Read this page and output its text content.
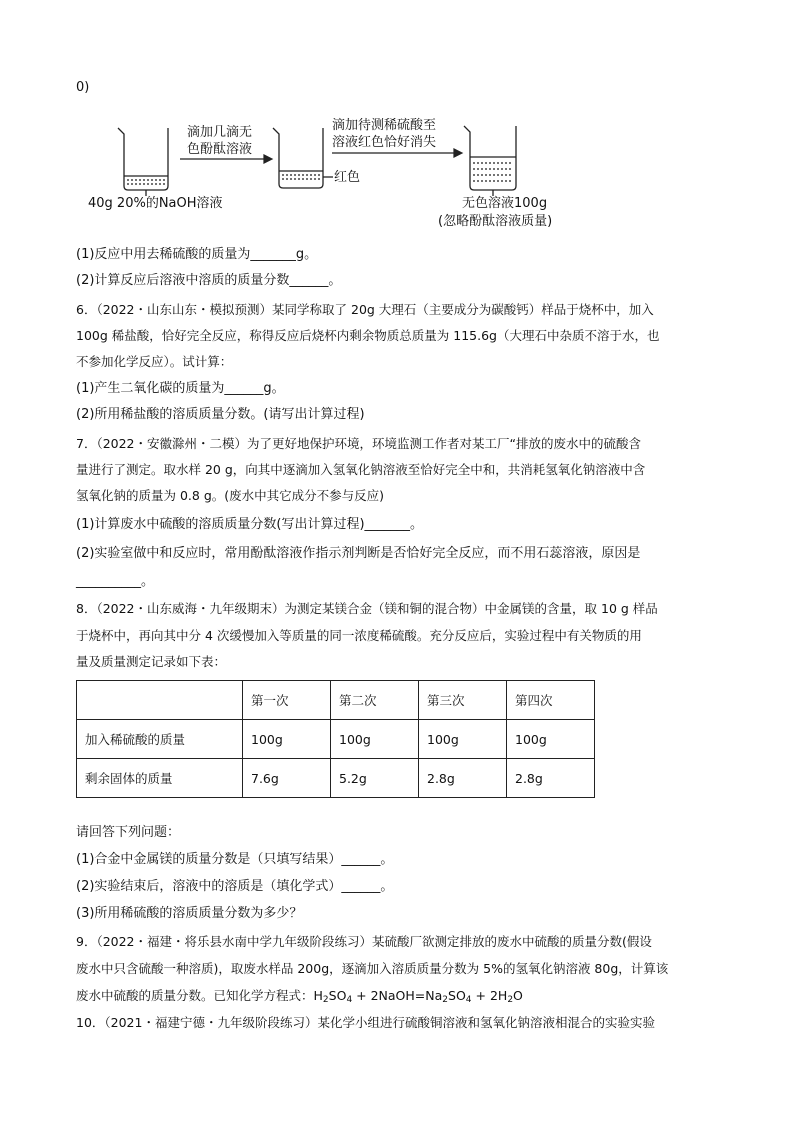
0)
滴加几滴无
色酚酞溶液
滴加待测稀硫酸至
溶液红色恰好消失
40g 20%的NaOH溶液
红色
无色溶液100g
(忽略酚酞溶液质量)
(1)反应中用去稀硫酸的质量为_______g。
(2)计算反应后溶液中溶质的质量分数______。
6．（2022・山东山东・模拟预测）某同学称取了 20g 大理石（主要成分为碳酸钙）样品于烧杯中，加入
100g 稀盐酸，恰好完全反应，称得反应后烧杯内剩余物质总质量为 115.6g（大理石中杂质不溶于水，也
不参加化学反应）。试计算：
(1)产生二氧化碳的质量为______g。
(2)所用稀盐酸的溶质质量分数。(请写出计算过程)
7．（2022・安徽滁州・二模）为了更好地保护环境，环境监测工作者对某工厂“排放的废水中的硫酸含
量进行了测定。取水样 20 g，向其中逐滴加入氢氧化钠溶液至恰好完全中和，共消耗氢氧化钠溶液中含
氢氧化钠的质量为 0.8 g。(废水中其它成分不参与反应)
(1)计算废水中硫酸的溶质质量分数(写出计算过程)_______。
(2)实验室做中和反应时，常用酚酞溶液作指示剂判断是否恰好完全反应，而不用石蕊溶液，原因是
__________。
8．（2022・山东威海・九年级期末）为测定某镁合金（镁和铜的混合物）中金属镁的含量，取 10 g 样品
于烧杯中，再向其中分 4 次缓慢加入等质量的同一浓度稀硫酸。充分反应后，实验过程中有关物质的用
量及质量测定记录如下表：
	第一次	第二次	第三次	第四次
加入稀硫酸的质量	100g	100g	100g	100g
剩余固体的质量	7.6g	5.2g	2.8g	2.8g
请回答下列问题：
(1)合金中金属镁的质量分数是（只填写结果）______。
(2)实验结束后，溶液中的溶质是（填化学式）______。
(3)所用稀硫酸的溶质质量分数为多少？
9．（2022・福建・将乐县水南中学九年级阶段练习）某硫酸厂欲测定排放的废水中硫酸的质量分数(假设
废水中只含硫酸一种溶质)，取废水样品 200g，逐滴加入溶质质量分数为 5%的氢氧化钠溶液 80g，计算该
废水中硫酸的质量分数。已知化学方程式：$H_2SO_4$ + $2NaOH=Na_2SO_4 + 2H_2O$
10．（2021・福建宁德・九年级阶段练习）某化学小组进行硫酸铜溶液和氢氧化钠溶液相混合的实验实验
